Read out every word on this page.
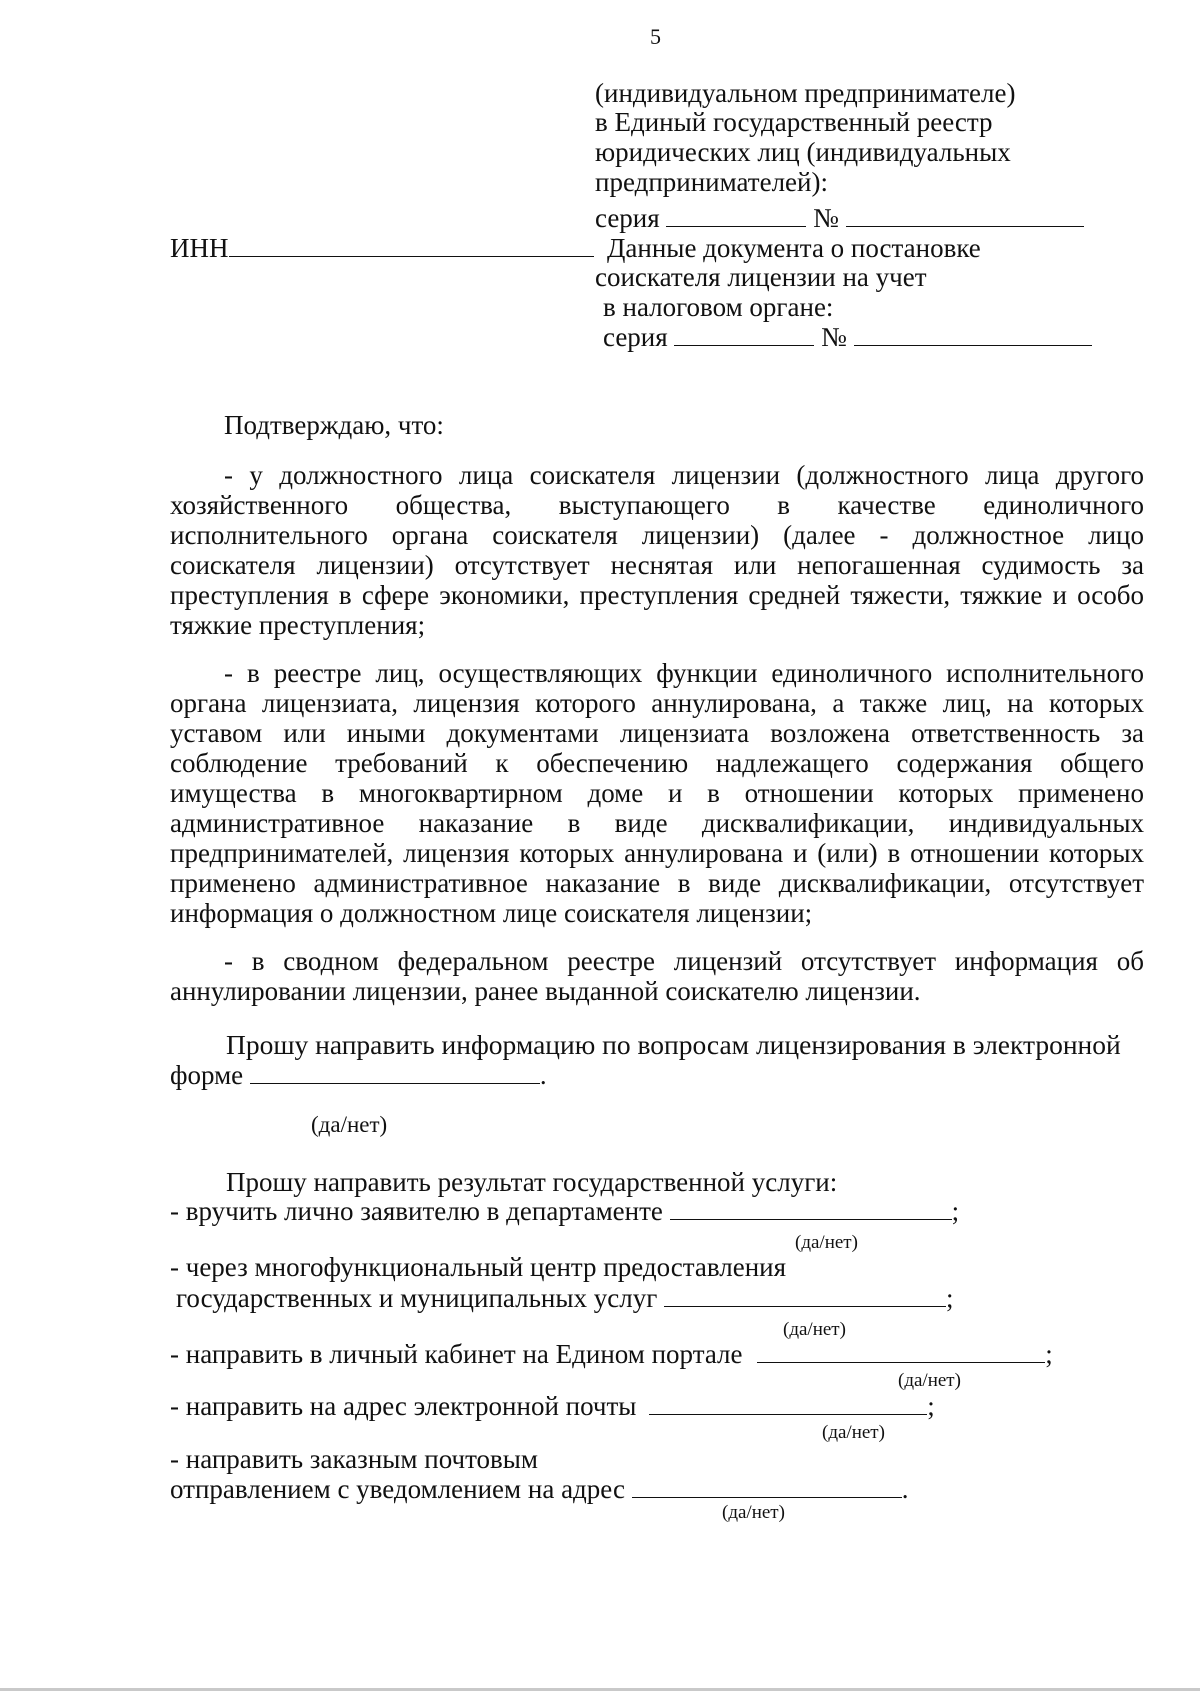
5
(индивидуальном предпринимателе)
в Единый государственный реестр
юридических лиц (индивидуальных
предпринимателей):
серия	№
ИНН	Данные документа о постановке
соискателя лицензии на учет
в налоговом органе:
серия	№
Подтверждаю, что:
- у должностного лица соискателя лицензии (должностного лица другого хозяйственного общества, выступающего в качестве единоличного исполнительного органа соискателя лицензии) (далее - должностное лицо соискателя лицензии) отсутствует неснятая или непогашенная судимость за преступления в сфере экономики, преступления средней тяжести, тяжкие и особо тяжкие преступления;
- в реестре лиц, осуществляющих функции единоличного исполнительного органа лицензиата, лицензия которого аннулирована, а также лиц, на которых уставом или иными документами лицензиата возложена ответственность за соблюдение требований к обеспечению надлежащего содержания общего имущества в многоквартирном доме и в отношении которых применено административное наказание в виде дисквалификации, индивидуальных предпринимателей, лицензия которых аннулирована и (или) в отношении которых применено административное наказание в виде дисквалификации, отсутствует информация о должностном лице соискателя лицензии;
- в сводном федеральном реестре лицензий отсутствует информация об аннулировании лицензии, ранее выданной соискателю лицензии.
Прошу направить информацию по вопросам лицензирования в электронной
форме	.
(да/нет)
Прошу направить результат государственной услуги:
- вручить лично заявителю в департаменте	;
(да/нет)
- через многофункциональный центр предоставления
государственных и муниципальных услуг	;
(да/нет)
- направить в личный кабинет на Едином портале	;
(да/нет)
- направить на адрес электронной почты	;
(да/нет)
- направить заказным почтовым
отправлением с уведомлением на адрес	.
(да/нет)
